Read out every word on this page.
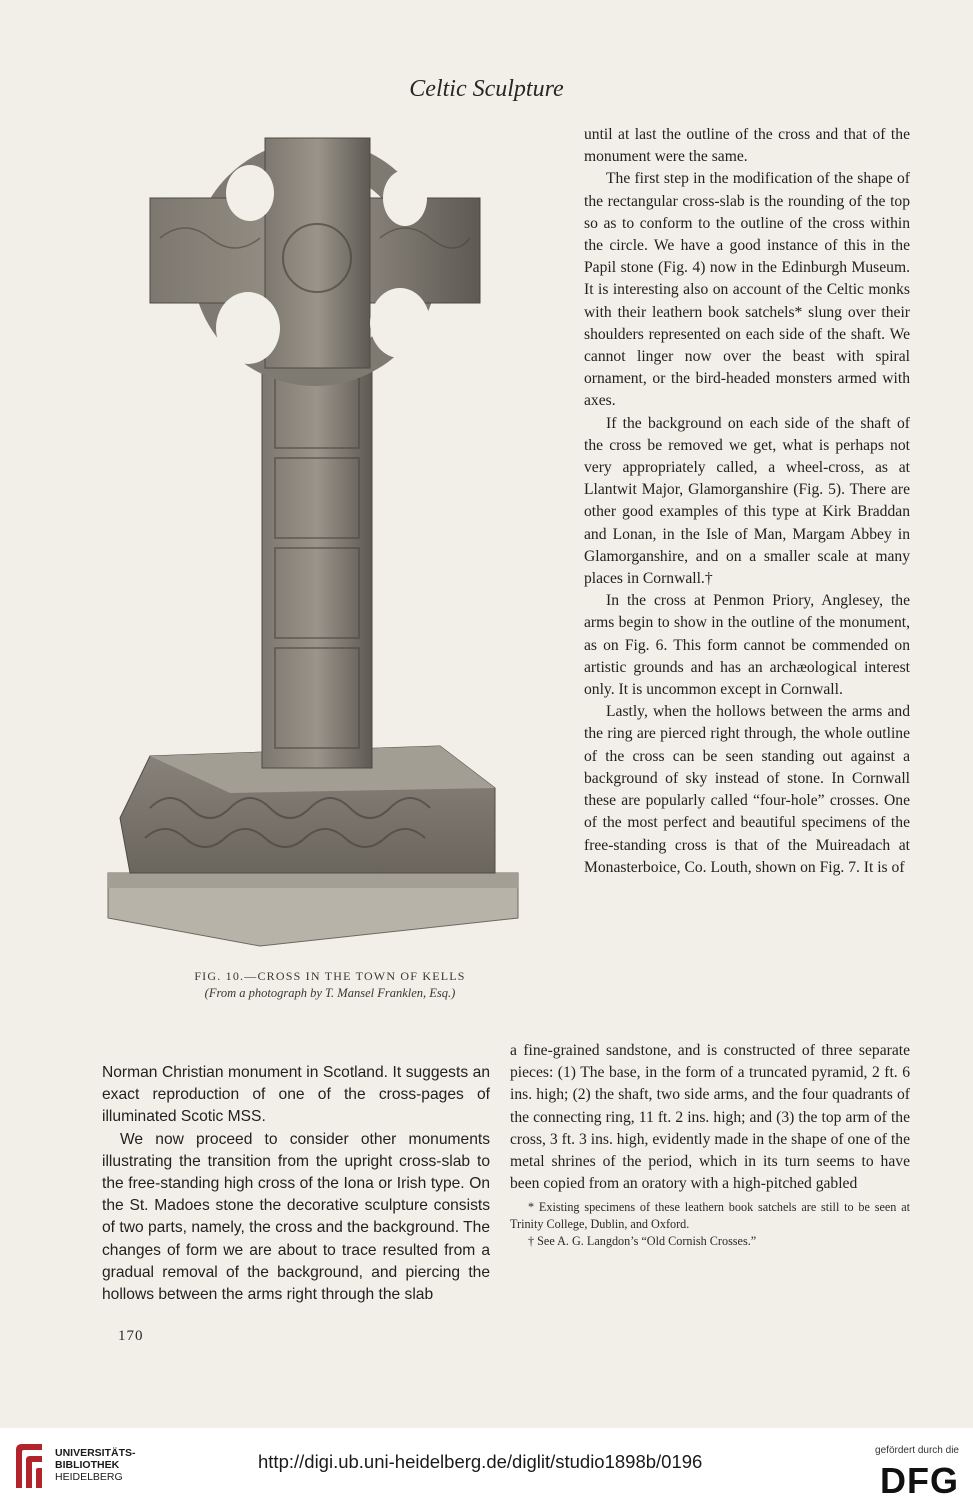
Celtic Sculpture
FIG. 10.—CROSS IN THE TOWN OF KELLS
(From a photograph by T. Mansel Franklen, Esq.)

until at last the outline of the cross and that of the monument were the same.

The first step in the modification of the shape of the rectangular cross-slab is the rounding of the top so as to conform to the outline of the cross within the circle. We have a good instance of this in the Papil stone (Fig. 4) now in the Edinburgh Museum. It is interesting also on account of the Celtic monks with their leathern book satchels* slung over their shoulders represented on each side of the shaft. We cannot linger now over the beast with spiral ornament, or the bird-headed monsters armed with axes.

If the background on each side of the shaft of the cross be removed we get, what is perhaps not very appropriately called, a wheel-cross, as at Llantwit Major, Glamorganshire (Fig. 5). There are other good examples of this type at Kirk Braddan and Lonan, in the Isle of Man, Margam Abbey in Glamorganshire, and on a smaller scale at many places in Cornwall.†

In the cross at Penmon Priory, Anglesey, the arms begin to show in the outline of the monument, as on Fig. 6. This form cannot be commended on artistic grounds and has an archæological interest only. It is uncommon except in Cornwall.

Lastly, when the hollows between the arms and the ring are pierced right through, the whole outline of the cross can be seen standing out against a background of sky instead of stone. In Cornwall these are popularly called “four-hole” crosses. One of the most perfect and beautiful specimens of the free-standing cross is that of the Muireadach at Monasterboice, Co. Louth, shown on Fig. 7. It is of

Norman Christian monument in Scotland. It suggests an exact reproduction of one of the cross-pages of illuminated Scotic MSS.

We now proceed to consider other monuments illustrating the transition from the upright cross-slab to the free-standing high cross of the Iona or Irish type. On the St. Madoes stone the decorative sculpture consists of two parts, namely, the cross and the background. The changes of form we are about to trace resulted from a gradual removal of the background, and piercing the hollows between the arms right through the slab

a fine-grained sandstone, and is constructed of three separate pieces: (1) The base, in the form of a truncated pyramid, 2 ft. 6 ins. high; (2) the shaft, two side arms, and the four quadrants of the connecting ring, 11 ft. 2 ins. high; and (3) the top arm of the cross, 3 ft. 3 ins. high, evidently made in the shape of one of the metal shrines of the period, which in its turn seems to have been copied from an oratory with a high-pitched gabled

* Existing specimens of these leathern book satchels are still to be seen at Trinity College, Dublin, and Oxford.
† See A. G. Langdon’s “Old Cornish Crosses.”
170
UNIVERSITÄTS-
BIBLIOTHEK
HEIDELBERG
http://digi.ub.uni-heidelberg.de/diglit/studio1898b/0196
gefördert durch die
DFG
